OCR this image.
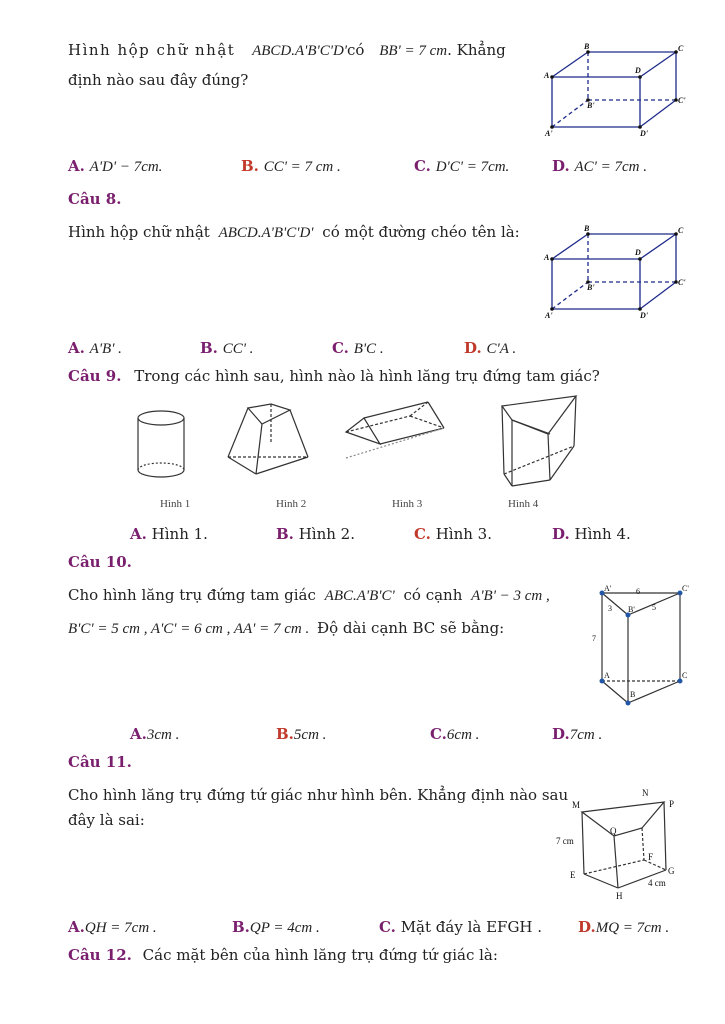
Hình hộp chữ nhật ABCD.A'B'C'D'có BB' = 7 cm. Khẳng
định nào sau đây đúng?
B	C
A
D
B'
C'
A'	D'
A. A'D' − 7cm.	B. CC' = 7 cm .	C. D'C' = 7cm.	D. AC' = 7cm .
Câu 8.
Hình hộp chữ nhật ABCD.A'B'C'D' có một đường chéo tên là:	B	C
A
D
B'
C'
A'	D'
A. A'B' .	B. CC' .	C. B'C .	D. C'A .
Câu 9. Trong các hình sau, hình nào là hình lăng trụ đứng tam giác?
Hình 1	Hình 2	Hình 3	Hình 4
A. Hình 1.	B. Hình 2.	C. Hình 3.	D. Hình 4.
Câu 10.
Cho hình lăng trụ đứng tam giác ABC.A'B'C' có cạnh A'B' − 3 cm ,
B'C' = 5 cm , A'C' = 6 cm , AA' = 7 cm . Độ dài cạnh BC sẽ bằng:
A'	C'
B'
A	C
B
6
3	5
7
A.3cm .	B.5cm .	C.6cm .	D.7cm .
Câu 11.
Cho hình lăng trụ đứng tứ giác như hình bên. Khẳng định nào sau
đây là sai:
M
N
P
Q
E
F
G
H
7 cm
4 cm
A.QH = 7cm .	B.QP = 4cm .	C. Mặt đáy là EFGH . D.MQ = 7cm .
Câu 12. Các mặt bên của hình lăng trụ đứng tứ giác là:
